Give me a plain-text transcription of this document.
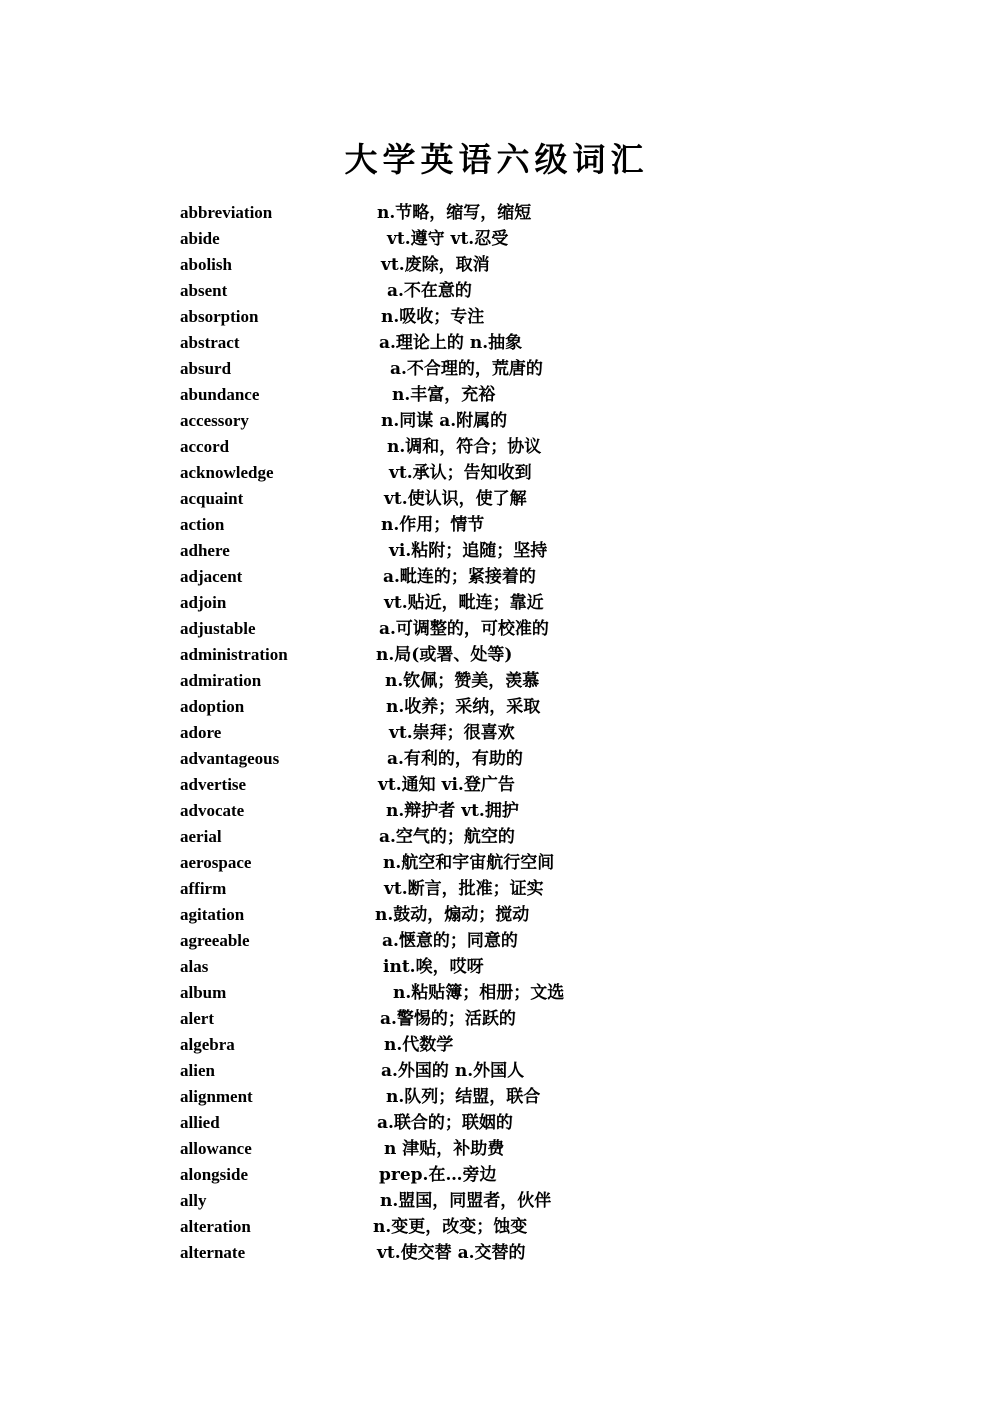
大学英语六级词汇
abbreviation	n.节略，缩写，缩短
abide	vt.遵守 vt.忍受
abolish	vt.废除，取消
absent	a.不在意的
absorption	n.吸收；专注
abstract	a.理论上的 n.抽象
absurd	a.不合理的，荒唐的
abundance	n.丰富，充裕
accessory	n.同谋 a.附属的
accord	n.调和，符合；协议
acknowledge	vt.承认；告知收到
acquaint	vt.使认识，使了解
action	n.作用；情节
adhere	vi.粘附；追随；坚持
adjacent	a.毗连的；紧接着的
adjoin	vt.贴近，毗连；靠近
adjustable	a.可调整的，可校准的
administration	n.局(或署、处等)
admiration	n.钦佩；赞美，羡慕
adoption	n.收养；采纳，采取
adore	vt.崇拜；很喜欢
advantageous	a.有利的，有助的
advertise	vt.通知 vi.登广告
advocate	n.辩护者 vt.拥护
aerial	a.空气的；航空的
aerospace	n.航空和宇宙航行空间
affirm	vt.断言，批准；证实
agitation	n.鼓动，煽动；搅动
agreeable	a.惬意的；同意的
alas	int.唉，哎呀
album	n.粘贴簿；相册；文选
alert	a.警惕的；活跃的
algebra	n.代数学
alien	a.外国的 n.外国人
alignment	n.队列；结盟，联合
allied	a.联合的；联姻的
allowance	n 津贴，补助费
alongside	prep.在…旁边
ally	n.盟国，同盟者，伙伴
alteration	n.变更，改变；蚀变
alternate	vt.使交替 a.交替的
